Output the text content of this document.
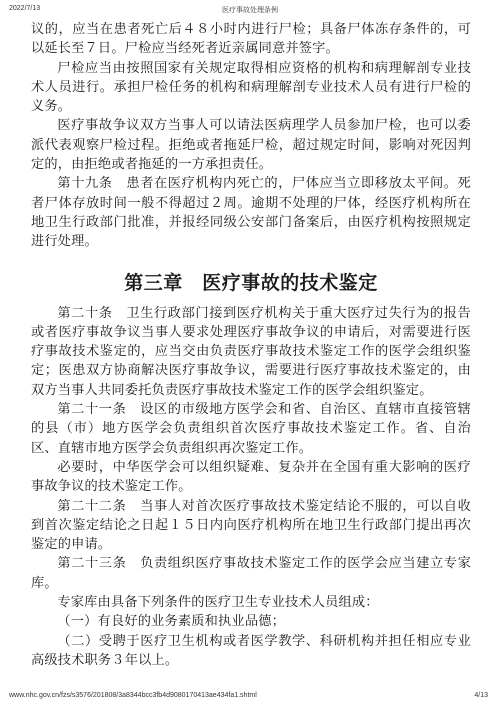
2022/7/13	医疗事故处理条例

议的，应当在患者死亡后４８小时内进行尸检；具备尸体冻存条件的，可以延长至７日。尸检应当经死者近亲属同意并签字。

尸检应当由按照国家有关规定取得相应资格的机构和病理解剖专业技术人员进行。承担尸检任务的机构和病理解剖专业技术人员有进行尸检的义务。

医疗事故争议双方当事人可以请法医病理学人员参加尸检，也可以委派代表观察尸检过程。拒绝或者拖延尸检，超过规定时间，影响对死因判定的，由拒绝或者拖延的一方承担责任。

第十九条　患者在医疗机构内死亡的，尸体应当立即移放太平间。死者尸体存放时间一般不得超过２周。逾期不处理的尸体，经医疗机构所在地卫生行政部门批准，并报经同级公安部门备案后，由医疗机构按照规定进行处理。

第三章　医疗事故的技术鉴定

第二十条　卫生行政部门接到医疗机构关于重大医疗过失行为的报告或者医疗事故争议当事人要求处理医疗事故争议的申请后，对需要进行医疗事故技术鉴定的，应当交由负责医疗事故技术鉴定工作的医学会组织鉴定；医患双方协商解决医疗事故争议，需要进行医疗事故技术鉴定的，由双方当事人共同委托负责医疗事故技术鉴定工作的医学会组织鉴定。

第二十一条　设区的市级地方医学会和省、自治区、直辖市直接管辖的县（市）地方医学会负责组织首次医疗事故技术鉴定工作。省、自治区、直辖市地方医学会负责组织再次鉴定工作。

必要时，中华医学会可以组织疑难、复杂并在全国有重大影响的医疗事故争议的技术鉴定工作。

第二十二条　当事人对首次医疗事故技术鉴定结论不服的，可以自收到首次鉴定结论之日起１５日内向医疗机构所在地卫生行政部门提出再次鉴定的申请。

第二十三条　负责组织医疗事故技术鉴定工作的医学会应当建立专家库。

专家库由具备下列条件的医疗卫生专业技术人员组成：

（一）有良好的业务素质和执业品德；

（二）受聘于医疗卫生机构或者医学教学、科研机构并担任相应专业高级技术职务３年以上。

www.nhc.gov.cn/fzs/s3576/201808/3a8344bcc3fb4d9080170413ae434fa1.shtml	4/13
